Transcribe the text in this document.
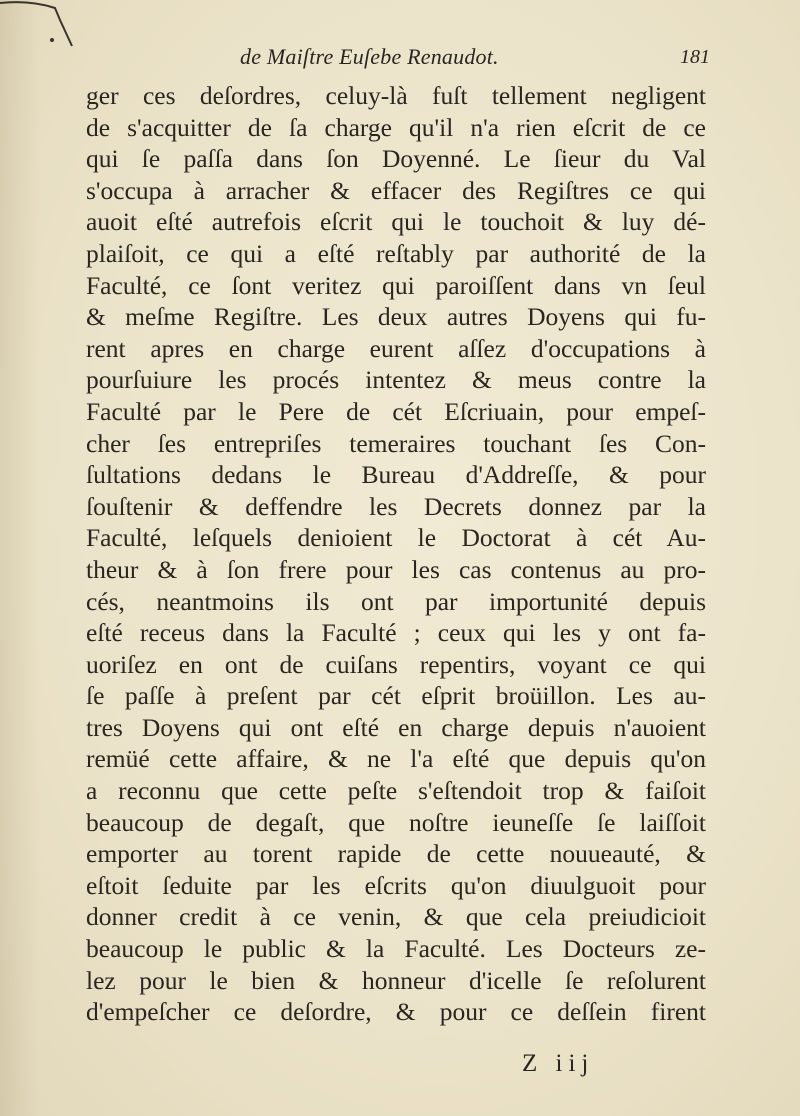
de Maiſtre Euſebe Renaudot.	181
ger ces deſordres, celuy-là fuſt tellement negligent
de s'acquitter de ſa charge qu'il n'a rien eſcrit de ce
qui ſe paſſa dans ſon Doyenné. Le ſieur du Val
s'occupa à arracher & effacer des Regiſtres ce qui
auoit eſté autrefois eſcrit qui le touchoit & luy dé-
plaiſoit, ce qui a eſté reſtably par authorité de la
Faculté, ce ſont veritez qui paroiſſent dans vn ſeul
& meſme Regiſtre. Les deux autres Doyens qui fu-
rent apres en charge eurent aſſez d'occupations à
pourſuiure les procés intentez & meus contre la
Faculté par le Pere de cét Eſcriuain, pour empeſ-
cher ſes entrepriſes temeraires touchant ſes Con-
ſultations dedans le Bureau d'Addreſſe, & pour
ſouſtenir & deffendre les Decrets donnez par la
Faculté, leſquels denioient le Doctorat à cét Au-
theur & à ſon frere pour les cas contenus au pro-
cés, neantmoins ils ont par importunité depuis
eſté receus dans la Faculté ; ceux qui les y ont fa-
uoriſez en ont de cuiſans repentirs, voyant ce qui
ſe paſſe à preſent par cét eſprit broüillon. Les au-
tres Doyens qui ont eſté en charge depuis n'auoient
remüé cette affaire, & ne l'a eſté que depuis qu'on
a reconnu que cette peſte s'eſtendoit trop & faiſoit
beaucoup de degaſt, que noſtre ieuneſſe ſe laiſſoit
emporter au torent rapide de cette nouueauté, &
eſtoit ſeduite par les eſcrits qu'on diuulguoit pour
donner credit à ce venin, & que cela preiudicioit
beaucoup le public & la Faculté. Les Docteurs ze-
lez pour le bien & honneur d'icelle ſe reſolurent
d'empeſcher ce deſordre, & pour ce deſſein firent
Z iij
